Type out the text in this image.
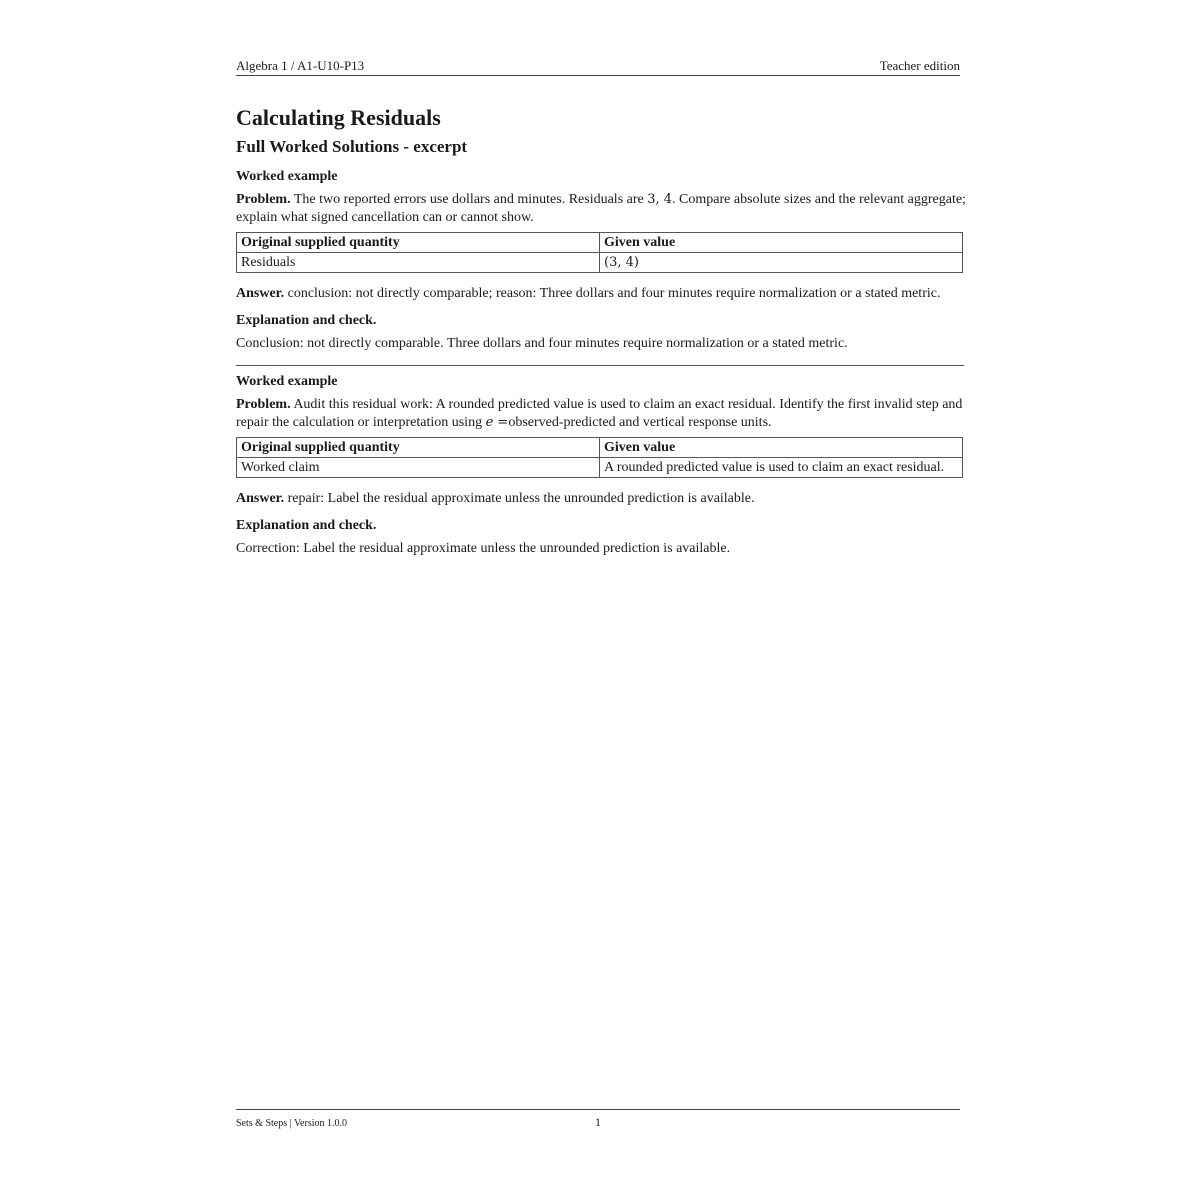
Algebra 1 / A1-U10-P13	Teacher edition
Calculating Residuals
Full Worked Solutions - excerpt
Worked example
Problem. The two reported errors use dollars and minutes. Residuals are 3, 4. Compare absolute sizes and the relevant aggregate; explain what signed cancellation can or cannot show.
Original supplied quantity	Given value
Residuals	(3, 4)
Answer. conclusion: not directly comparable; reason: Three dollars and four minutes require normalization or a stated metric.
Explanation and check.
Conclusion: not directly comparable. Three dollars and four minutes require normalization or a stated metric.
Worked example
Problem. Audit this residual work: A rounded predicted value is used to claim an exact residual. Identify the first invalid step and repair the calculation or interpretation using e =observed-predicted and vertical response units.
Original supplied quantity	Given value
Worked claim	A rounded predicted value is used to claim an exact residual.
Answer. repair: Label the residual approximate unless the unrounded prediction is available.
Explanation and check.
Correction: Label the residual approximate unless the unrounded prediction is available.
Sets & Steps | Version 1.0.0	1
